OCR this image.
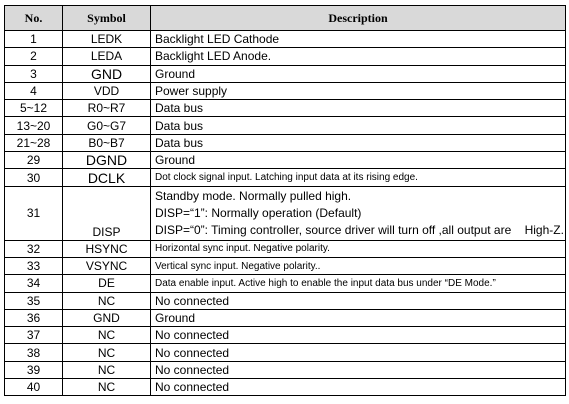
No.	Symbol	Description
1	LEDK	Backlight LED Cathode
2	LEDA	Backlight LED Anode.
3	GND	Ground
4	VDD	Power supply
5~12	R0~R7	Data bus
13~20	G0~G7	Data bus
21~28	B0~B7	Data bus
29	DGND	Ground
30	DCLK	Dot clock signal input. Latching input data at its rising edge.
31	DISP	Standby mode. Normally pulled high.
DISP=“1”: Normally operation (Default)
DISP=“0”: Timing controller, source driver will turn off ,all output are    High-Z.

32	HSYNC	Horizontal sync input. Negative polarity.
33	VSYNC	Vertical sync input. Negative polarity..
34	DE	Data enable input. Active high to enable the input data bus under “DE Mode.”
35	NC	No connected
36	GND	Ground
37	NC	No connected
38	NC	No connected
39	NC	No connected
40	NC	No connected
